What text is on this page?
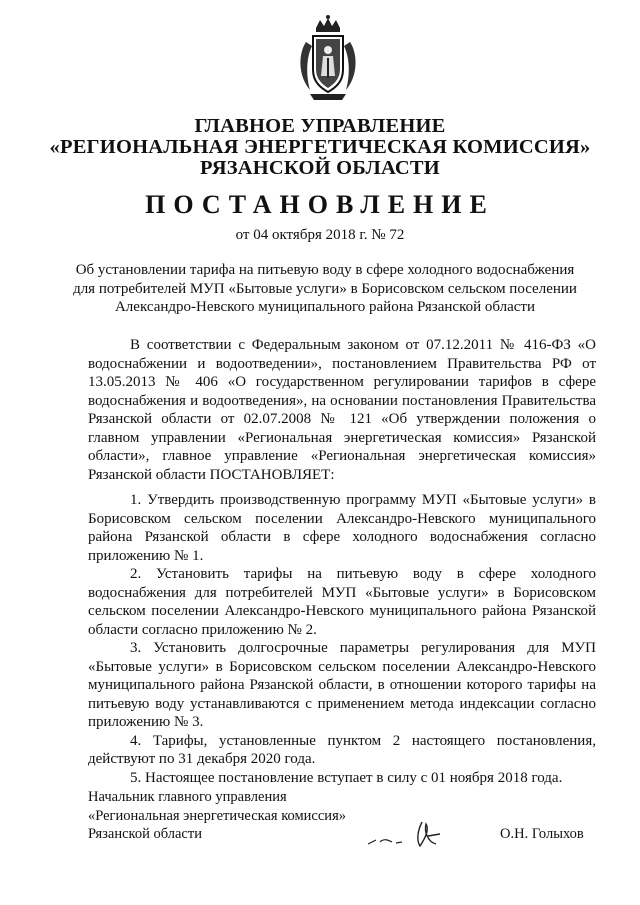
ГЛАВНОЕ УПРАВЛЕНИЕ
«РЕГИОНАЛЬНАЯ ЭНЕРГЕТИЧЕСКАЯ КОМИССИЯ»
РЯЗАНСКОЙ ОБЛАСТИ
ПОСТАНОВЛЕНИЕ
от 04 октября 2018 г. № 72
Об установлении тарифа на питьевую воду в сфере холодного водоснабжения для потребителей МУП «Бытовые услуги» в Борисовском сельском поселении Александро-Невского муниципального района Рязанской области
В соответствии с Федеральным законом от 07.12.2011 № 416-ФЗ «О водоснабжении и водоотведении», постановлением Правительства РФ от 13.05.2013 № 406 «О государственном регулировании тарифов в сфере водоснабжения и водоотведения», на основании постановления Правительства Рязанской области от 02.07.2008 № 121 «Об утверждении положения о главном управлении «Региональная энергетическая комиссия» Рязанской области», главное управление «Региональная энергетическая комиссия» Рязанской области ПОСТАНОВЛЯЕТ:

1. Утвердить производственную программу МУП «Бытовые услуги» в Борисовском сельском поселении Александро-Невского муниципального района Рязанской области в сфере холодного водоснабжения согласно приложению № 1.

2. Установить тарифы на питьевую воду в сфере холодного водоснабжения для потребителей МУП «Бытовые услуги» в Борисовском сельском поселении Александро-Невского муниципального района Рязанской области согласно приложению № 2.

3. Установить долгосрочные параметры регулирования для МУП «Бытовые услуги» в Борисовском сельском поселении Александро-Невского муниципального района Рязанской области, в отношении которого тарифы на питьевую воду устанавливаются с применением метода индексации согласно приложению № 3.

4. Тарифы, установленные пунктом 2 настоящего постановления, действуют по 31 декабря 2020 года.

5. Настоящее постановление вступает в силу с 01 ноября 2018 года.

Начальник главного управления
«Региональная энергетическая комиссия»
Рязанской области	О.Н. Голыхов
